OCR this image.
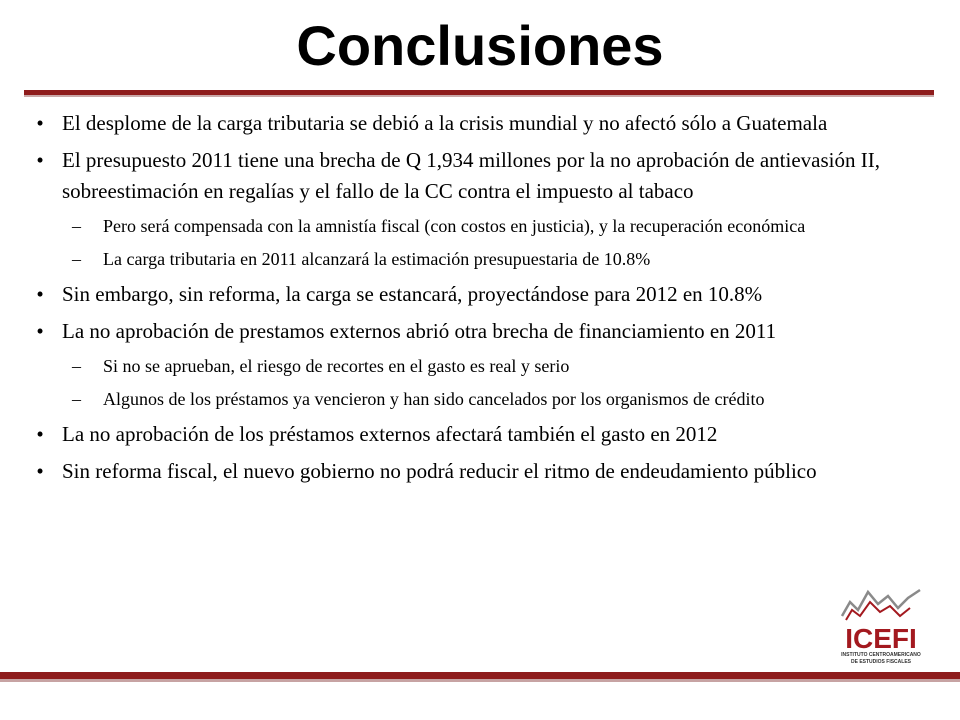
Conclusiones
• El desplome de la carga tributaria se debió a la crisis mundial y no afectó sólo a Guatemala
• El presupuesto 2011 tiene una brecha de Q 1,934 millones por la no aprobación de antievasión II, sobreestimación en regalías y el fallo de la CC contra el impuesto al tabaco
– Pero será compensada con la amnistía fiscal (con costos en justicia), y la recuperación económica
– La carga tributaria en 2011 alcanzará la estimación presupuestaria de 10.8%
• Sin embargo, sin reforma, la carga se estancará, proyectándose para 2012 en 10.8%
• La no aprobación de prestamos externos abrió otra brecha de financiamiento en 2011
– Si no se aprueban, el riesgo de recortes en el gasto es real y serio
– Algunos de los préstamos ya vencieron y han sido cancelados por los organismos de crédito
• La no aprobación de los préstamos externos afectará también el gasto en 2012
• Sin reforma fiscal, el nuevo gobierno no podrá reducir el ritmo de endeudamiento público
ICEFI
INSTITUTO CENTROAMERICANO
DE ESTUDIOS FISCALES
